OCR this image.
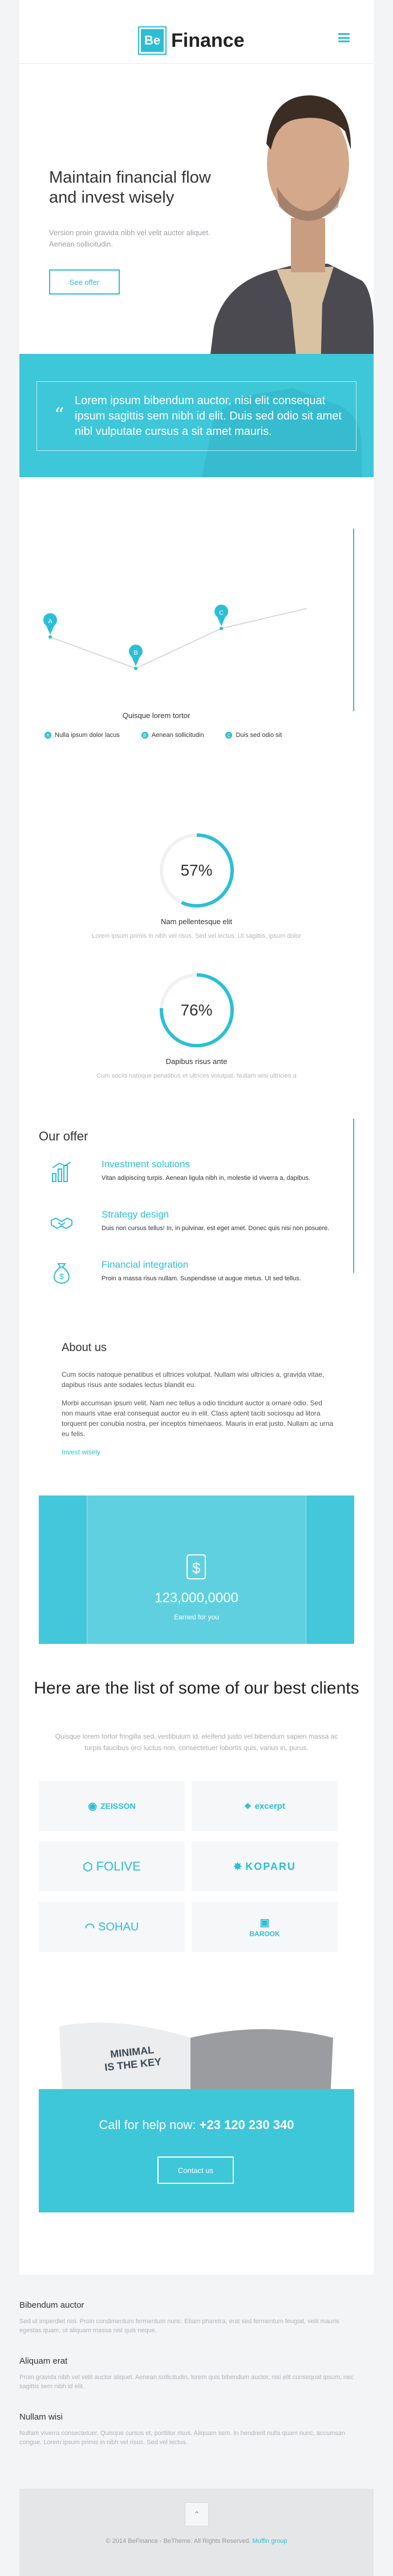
Be Finance
Maintain financial flow and invest wisely
Version proin gravida nibh vel velit auctor aliquet. Aenean sollicitudin.
See offer
“
Lorem ipsum bibendum auctor, nisi elit consequat ipsum sagittis sem nibh id elit. Duis sed odio sit amet nibl vulputate cursus a sit amet mauris.
A
B
C
Quisque lorem tortor
A Nulla ipsum dolor lacus	B Aenean sollicitudin	C Duis sed odio sit
57%
Nam pellentesque elit
Lorem ipsum primis in nibh vel risus. Sed vel lectus. Ut sagittis, ipsum dolor
76%
Dapibus risus ante
Cum sociis natoque penatibus et ultrices volutpat. Nullam wisi ultricies a
Our offer
Investment solutions
Vitan adipiscing turpis. Aenean ligula nibh in, molestie id viverra a, dapibus.
Strategy design
Duis non cursus tellus! In, in pulvinar, est eget amet. Donec quis nisi non posuere.
$
Financial integration
Proin a massa risus nullam. Suspendisse ut augue metus. Ut sed tellus.
About us

Cum sociis natoque penatibus et ultrices volutpat. Nullam wisi ultricies a, gravida vitae, dapibus risus ante sodales lectus blandit eu.

Morbi accumsan ipsum velit. Nam nec tellus a odio tincidunt auctor a ornare odio. Sed non mauris vitae erat consequat auctor eu in elit. Class aptent taciti sociosqu ad litora torquent per conubia nostra, per inceptos himenaeos. Mauris in erat justo. Nullam ac urna eu felis.

Invest wisely
$
123,000,0000
Earned for you
Here are the list of some of our best clients
Quisque lorem tortor fringilla sed, vestibulum id, eleifend justo vel bibendum sapien massa ac turpis faucibus orci luctus non, consectetuer lobortis quis, varius in, purus.
◉ ZEISSON	❖ excerpt
⬡ FOLIVE	✸ KOPARU
◠ SOHAU	▣
BAROOK
MINIMAL
IS THE KEY
Call for help now: +23 120 230 340
Contact us
Bibendum auctor

Sed ut imperdiet nisi. Proin condimentum fermentum nunc. Etiam pharetra, erat sed fermentum feugiat, velit mauris egestas quam, ut aliquam massa nisl quis neque.

Aliquam erat

Proin gravida nibh vel velit auctor aliquet. Aenean sollicitudin, lorem quis bibendum auctor, nisi elit consequat ipsum, nec sagittis sem nibh id elit.

Nullam wisi

Nullam viverra consectetuer. Quisque cursus et, porttitor risus. Aliquam sem. In hendrerit nulla quam nunc, accumsan congue. Lorem ipsum primis in nibh vel risus. Sed vel lectus.

⌃
© 2014 BeFinance - BeTheme. All Rights Reserved. Muffin group
